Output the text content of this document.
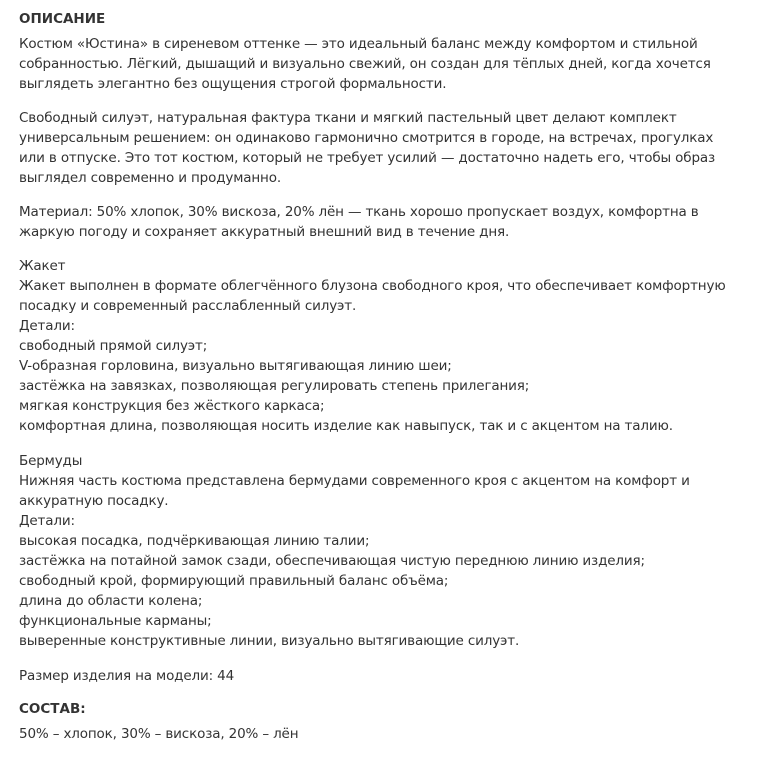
ОПИСАНИЕ

Костюм «Юстина» в сиреневом оттенке — это идеальный баланс между комфортом и стильной
собранностью. Лёгкий, дышащий и визуально свежий, он создан для тёплых дней, когда хочется
выглядеть элегантно без ощущения строгой формальности.

Свободный силуэт, натуральная фактура ткани и мягкий пастельный цвет делают комплект
универсальным решением: он одинаково гармонично смотрится в городе, на встречах, прогулках
или в отпуске. Это тот костюм, который не требует усилий — достаточно надеть его, чтобы образ
выглядел современно и продуманно.

Материал: 50% хлопок, 30% вискоза, 20% лён — ткань хорошо пропускает воздух, комфортна в
жаркую погоду и сохраняет аккуратный внешний вид в течение дня.

Жакет
Жакет выполнен в формате облегчённого блузона свободного кроя, что обеспечивает комфортную
посадку и современный расслабленный силуэт.
Детали:
свободный прямой силуэт;
V-образная горловина, визуально вытягивающая линию шеи;
застёжка на завязках, позволяющая регулировать степень прилегания;
мягкая конструкция без жёсткого каркаса;
комфортная длина, позволяющая носить изделие как навыпуск, так и с акцентом на талию.

Бермуды
Нижняя часть костюма представлена бермудами современного кроя с акцентом на комфорт и
аккуратную посадку.
Детали:
высокая посадка, подчёркивающая линию талии;
застёжка на потайной замок сзади, обеспечивающая чистую переднюю линию изделия;
свободный крой, формирующий правильный баланс объёма;
длина до области колена;
функциональные карманы;
выверенные конструктивные линии, визуально вытягивающие силуэт.

Размер изделия на модели: 44

СОСТАВ:

50% – хлопок, 30% – вискоза, 20% – лён
